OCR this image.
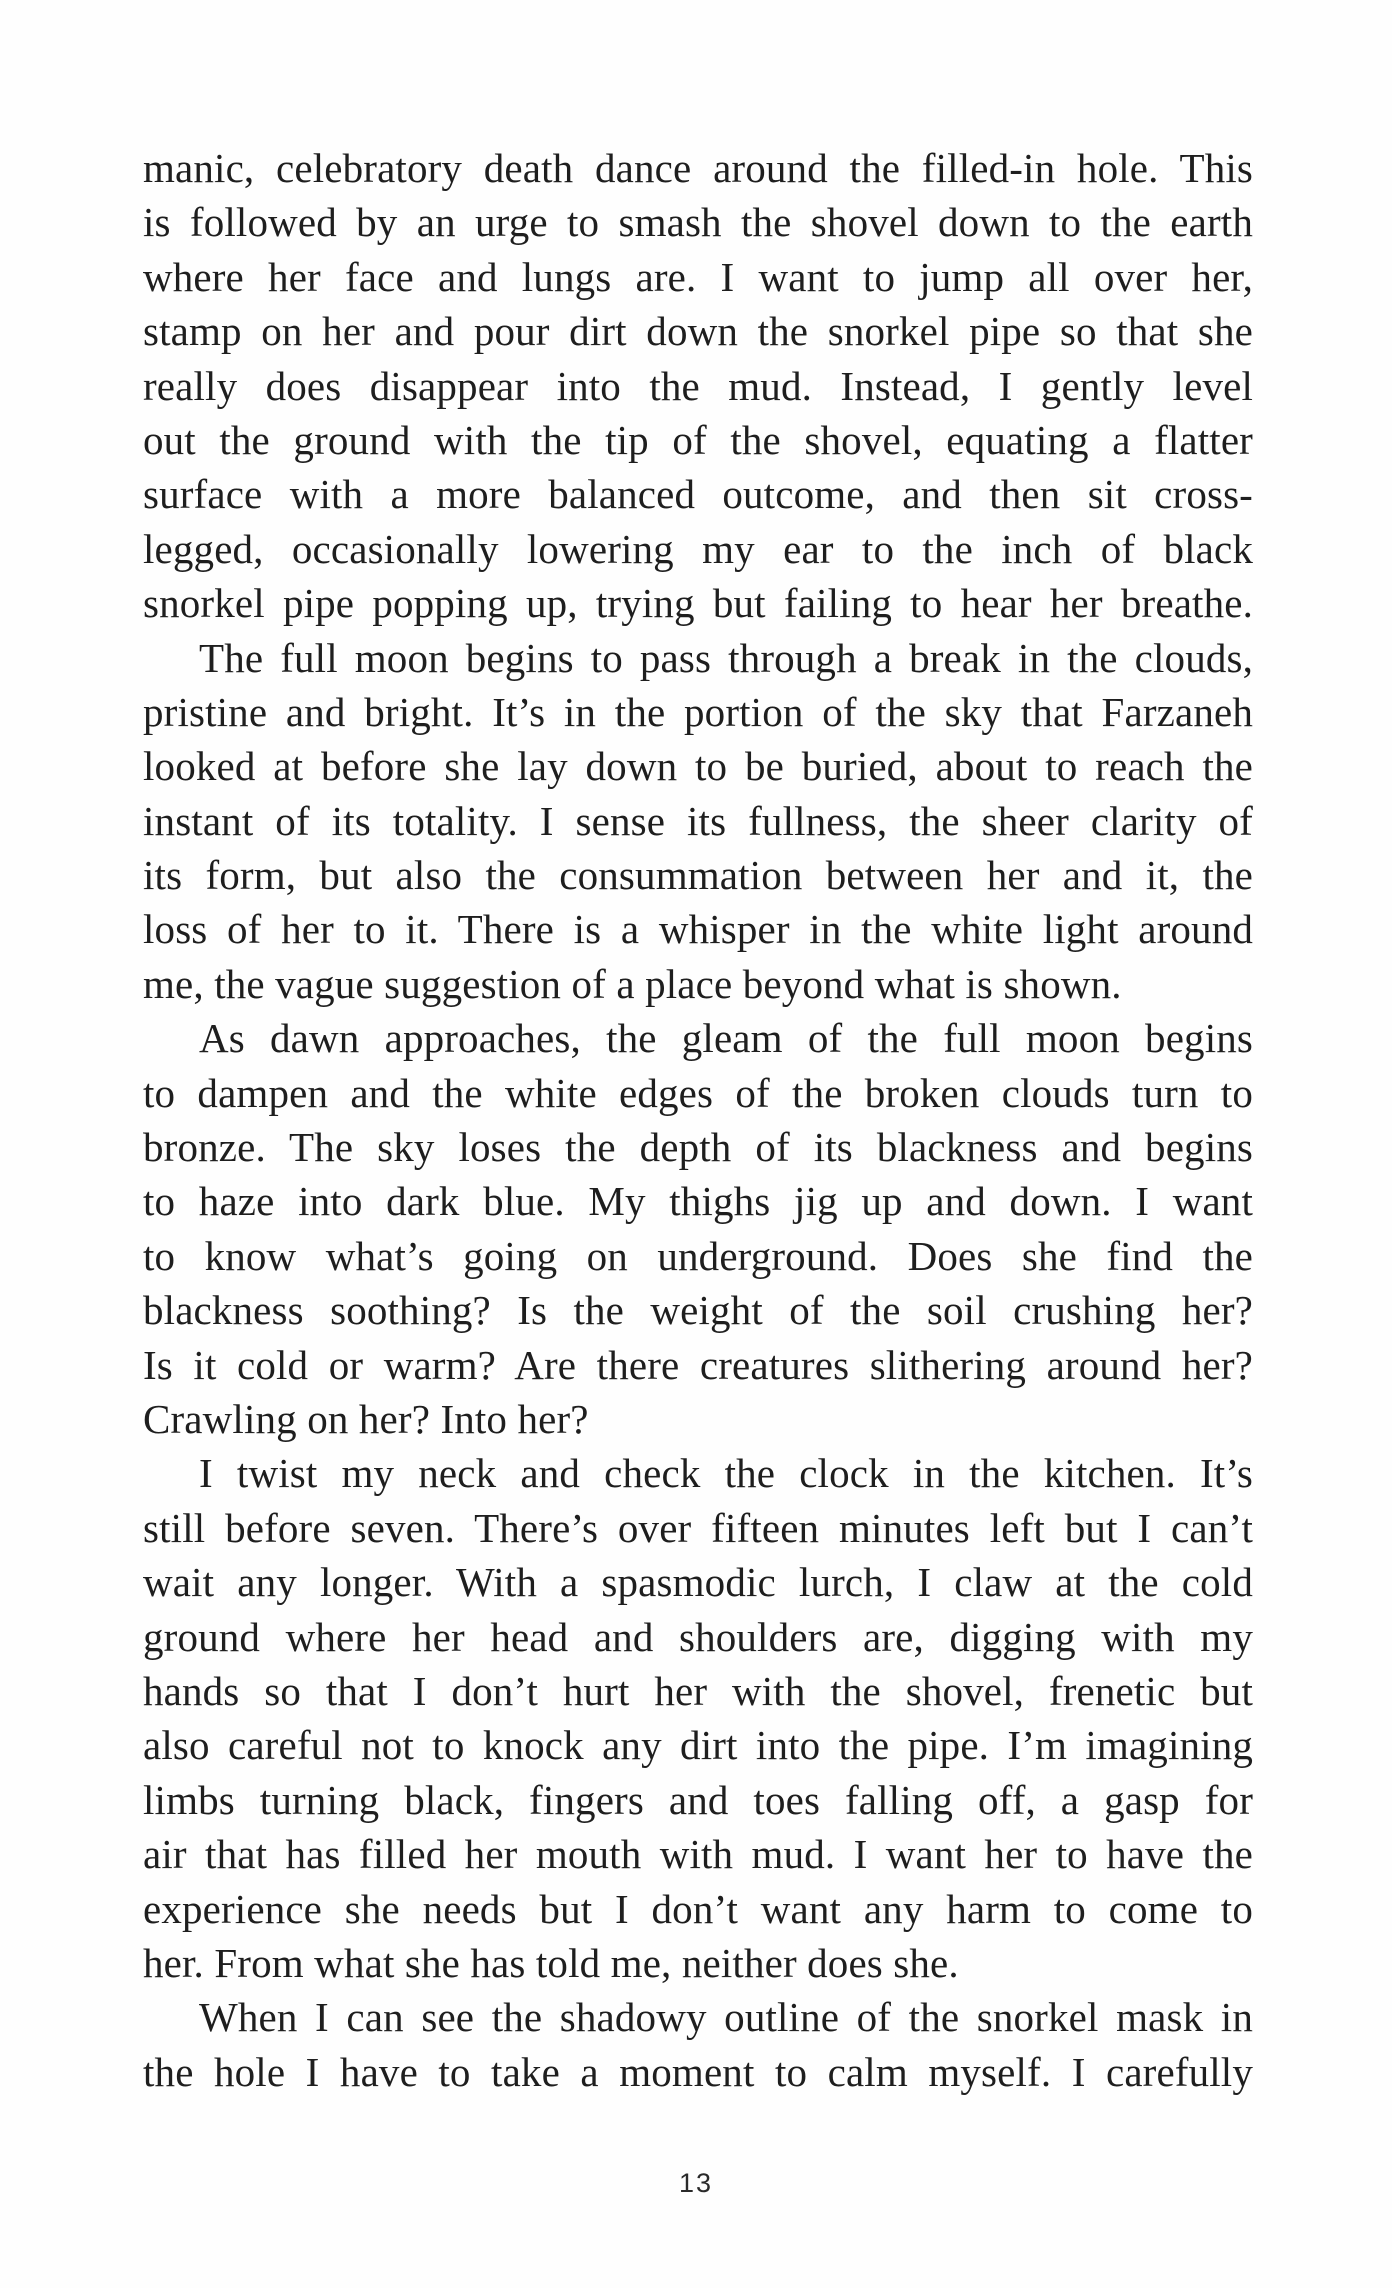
manic, celebratory death dance around the filled-in hole. This
is followed by an urge to smash the shovel down to the earth
where her face and lungs are. I want to jump all over her,
stamp on her and pour dirt down the snorkel pipe so that she
really does disappear into the mud. Instead, I gently level
out the ground with the tip of the shovel, equating a flatter
surface with a more balanced outcome, and then sit cross-
legged, occasionally lowering my ear to the inch of black
snorkel pipe popping up, trying but failing to hear her breathe.
The full moon begins to pass through a break in the clouds,
pristine and bright. It’s in the portion of the sky that Farzaneh
looked at before she lay down to be buried, about to reach the
instant of its totality. I sense its fullness, the sheer clarity of
its form, but also the consummation between her and it, the
loss of her to it. There is a whisper in the white light around
me, the vague suggestion of a place beyond what is shown.
As dawn approaches, the gleam of the full moon begins
to dampen and the white edges of the broken clouds turn to
bronze. The sky loses the depth of its blackness and begins
to haze into dark blue. My thighs jig up and down. I want
to know what’s going on underground. Does she find the
blackness soothing? Is the weight of the soil crushing her?
Is it cold or warm? Are there creatures slithering around her?
Crawling on her? Into her?
I twist my neck and check the clock in the kitchen. It’s
still before seven. There’s over fifteen minutes left but I can’t
wait any longer. With a spasmodic lurch, I claw at the cold
ground where her head and shoulders are, digging with my
hands so that I don’t hurt her with the shovel, frenetic but
also careful not to knock any dirt into the pipe. I’m imagining
limbs turning black, fingers and toes falling off, a gasp for
air that has filled her mouth with mud. I want her to have the
experience she needs but I don’t want any harm to come to
her. From what she has told me, neither does she.
When I can see the shadowy outline of the snorkel mask in
the hole I have to take a moment to calm myself. I carefully
13
